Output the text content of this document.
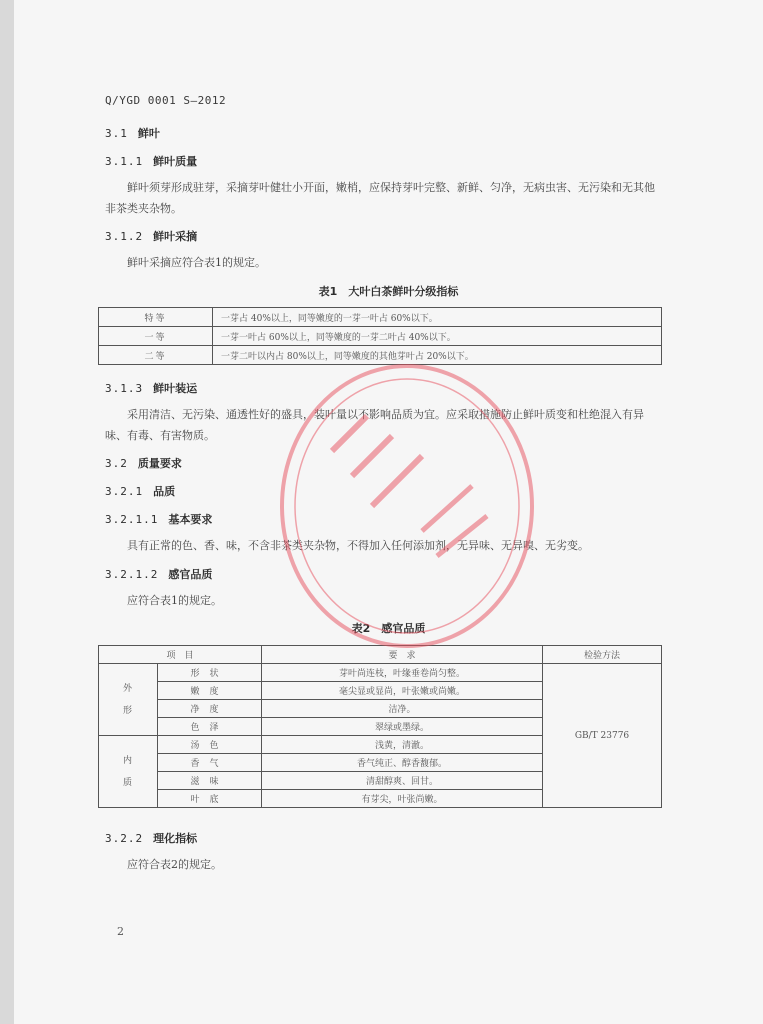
Q/YGD 0001 S—2012
3.1 鲜叶
3.1.1 鲜叶质量
鲜叶须芽形成驻芽，采摘芽叶健壮小开面，嫩梢，应保持芽叶完整、新鲜、匀净，无病虫害、无污染和无其他非茶类夹杂物。
3.1.2 鲜叶采摘
鲜叶采摘应符合表1的规定。
表1　大叶白茶鲜叶分级指标
特等	一芽占 40%以上，同等嫩度的一芽一叶占 60%以下。
一等	一芽一叶占 60%以上，同等嫩度的一芽二叶占 40%以下。
二等	一芽二叶以内占 80%以上，同等嫩度的其他芽叶占 20%以下。
3.1.3 鲜叶装运
采用清洁、无污染、通透性好的盛具，装叶量以不影响品质为宜。应采取措施防止鲜叶质变和杜绝混入有异味、有毒、有害物质。
3.2 质量要求
3.2.1 品质
3.2.1.1 基本要求
具有正常的色、香、味，不含非茶类夹杂物，不得加入任何添加剂，无异味、无异嗅、无劣变。
3.2.1.2 感官品质
应符合表1的规定。
表2　感官品质
项　目		要　求	检验方法

外形	形状	芽叶尚连枝，叶缘垂卷尚匀整。	GB/T 23776
	嫩度	毫尖显或显尚，叶张嫩或尚嫩。	
	净度	洁净。	
	色泽	翠绿或墨绿。	

内质	汤色	浅黄，清澈。	
	香气	香气纯正、醇香馥郁。	
	滋味	清甜醇爽、回甘。	
	叶底	有芽尖，叶张尚嫩。	
3.2.2 理化指标
应符合表2的规定。
2
